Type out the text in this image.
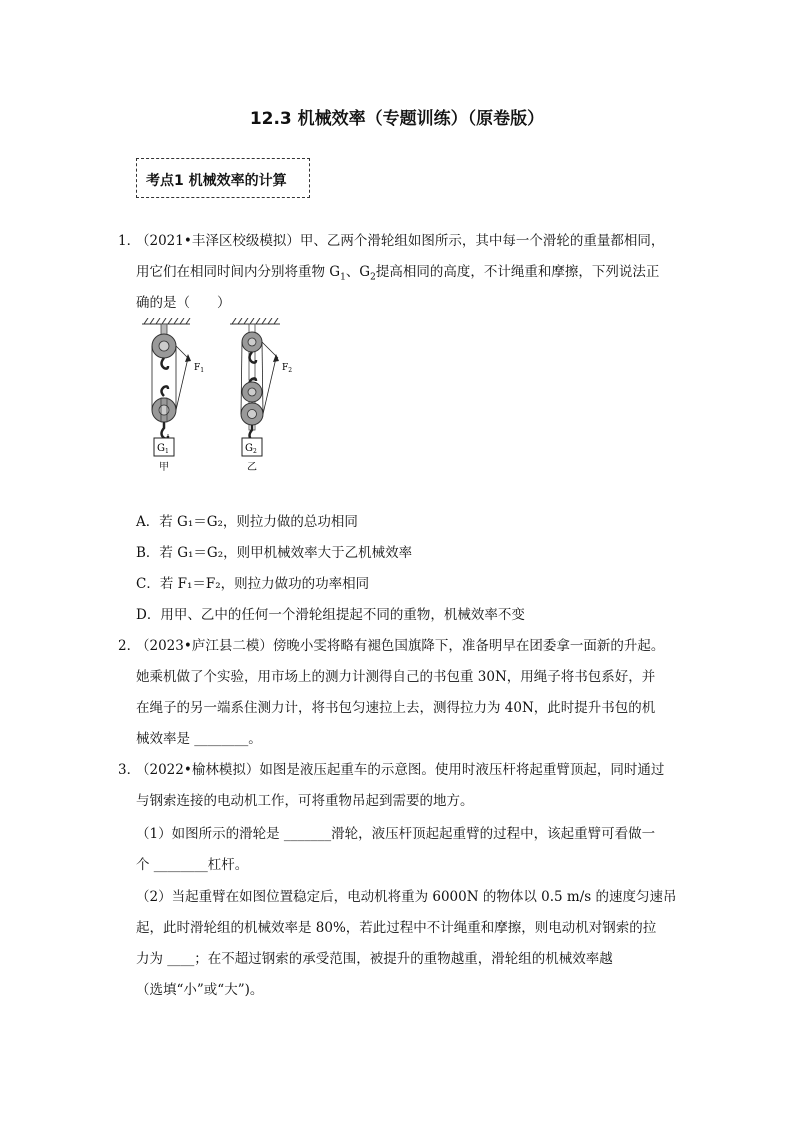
12.3 机械效率（专题训练）（原卷版）
考点1 机械效率的计算
1．
（2021•丰泽区校级模拟）甲、乙两个滑轮组如图所示，其中每一个滑轮的重量都相同，
用它们在相同时间内分别将重物 $G_1$、$G_2$提高相同的高度，不计绳重和摩擦，下列说法正
确的是（　　）
$F_1$	$F_2$
$G_1$	$G_2$
甲	乙
A．若 G₁＝G₂，则拉力做的总功相同
B．若 G₁＝G₂，则甲机械效率大于乙机械效率
C．若 F₁＝F₂，则拉力做功的功率相同
D．用甲、乙中的任何一个滑轮组提起不同的重物，机械效率不变
2．
（2023•庐江县二模）傍晚小雯将略有褪色国旗降下，准备明早在团委拿一面新的升起。
她乘机做了个实验，用市场上的测力计测得自己的书包重 30N，用绳子将书包系好，并
在绳子的另一端系住测力计，将书包匀速拉上去，测得拉力为 40N，此时提升书包的机
械效率是 ________。
3．
（2022•榆林模拟）如图是液压起重车的示意图。使用时液压杆将起重臂顶起，同时通过
与钢索连接的电动机工作，可将重物吊起到需要的地方。
（1）如图所示的滑轮是 _______滑轮，液压杆顶起起重臂的过程中，该起重臂可看做一
个 ________杠杆。
（2）当起重臂在如图位置稳定后，电动机将重为 6000N 的物体以 0.5 m/s 的速度匀速吊
起，此时滑轮组的机械效率是 80%，若此过程中不计绳重和摩擦，则电动机对钢索的拉
力为 ____；在不超过钢索的承受范围，被提升的重物越重，滑轮组的机械效率越
（选填“小”或“大”)。
